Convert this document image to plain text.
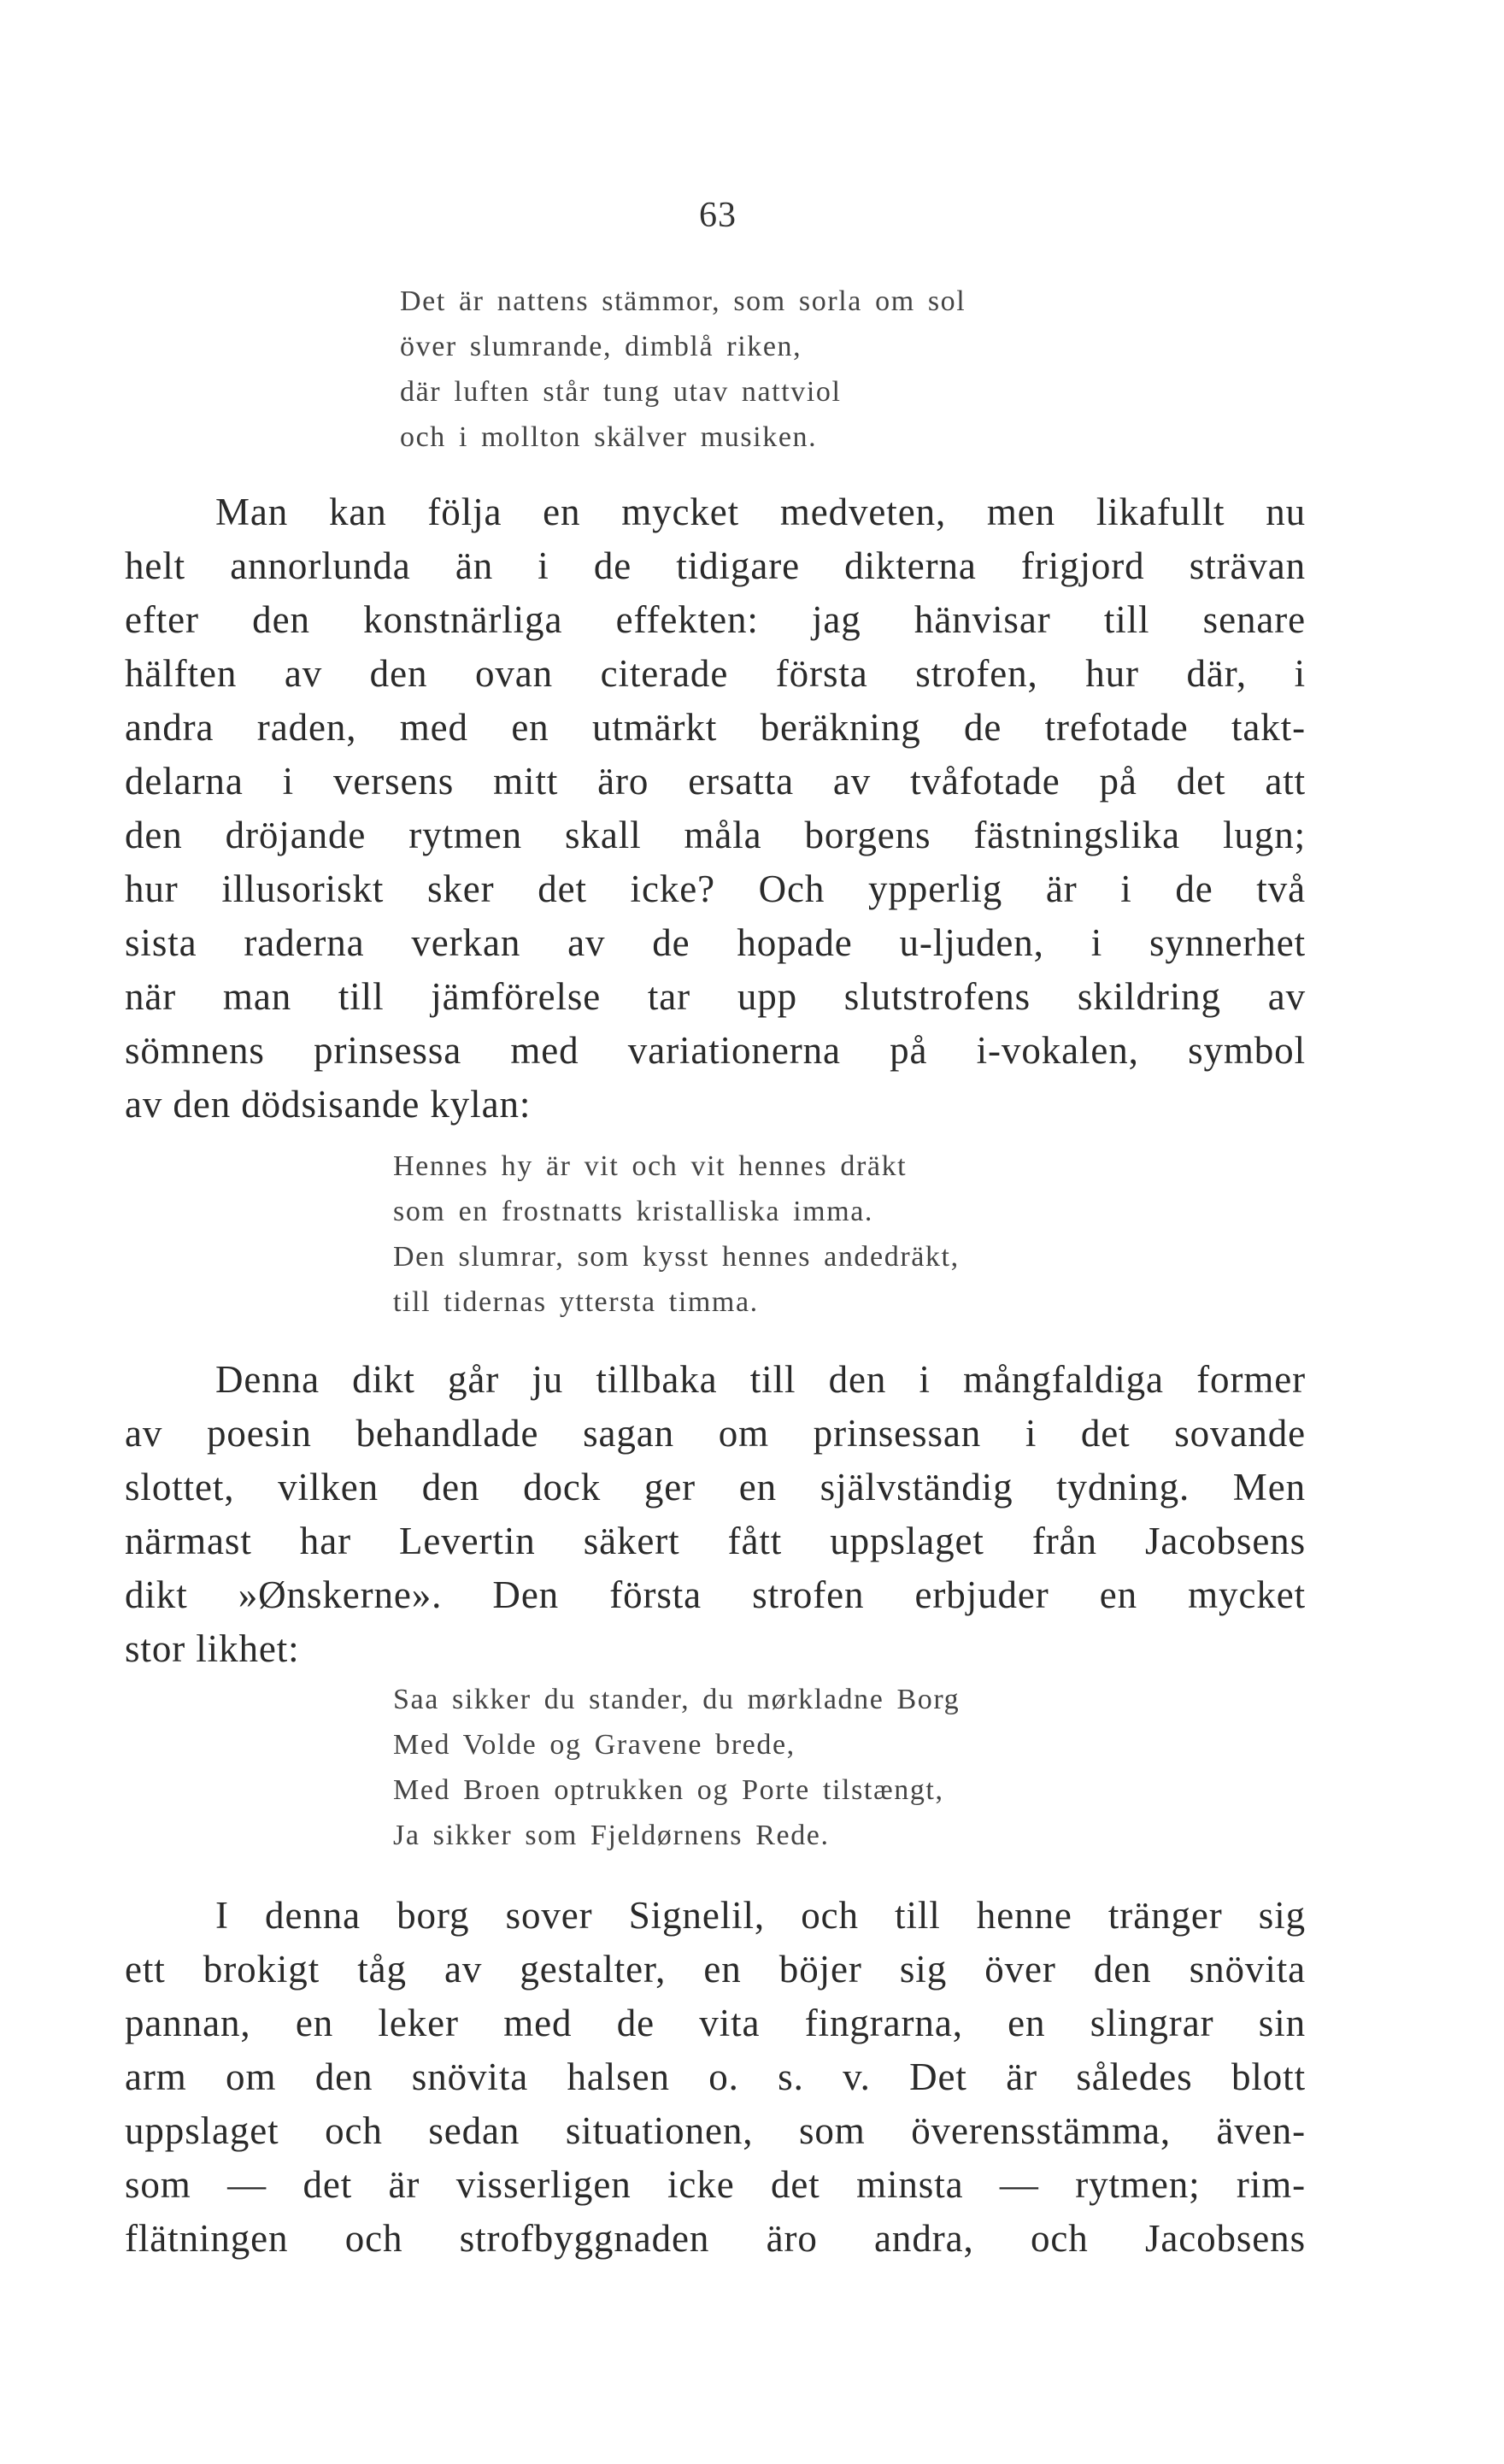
63
Det är nattens stämmor, som sorla om sol
över slumrande, dimblå riken,
där luften står tung utav nattviol
och i mollton skälver musiken.
Man kan följa en mycket medveten, men likafullt nu
helt annorlunda än i de tidigare dikterna frigjord strävan
efter den konstnärliga effekten: jag hänvisar till senare
hälften av den ovan citerade första strofen, hur där, i
andra raden, med en utmärkt beräkning de trefotade takt-
delarna i versens mitt äro ersatta av tvåfotade på det att
den dröjande rytmen skall måla borgens fästningslika lugn;
hur illusoriskt sker det icke? Och ypperlig är i de två
sista raderna verkan av de hopade u-ljuden, i synnerhet
när man till jämförelse tar upp slutstrofens skildring av
sömnens prinsessa med variationerna på i-vokalen, symbol
av den dödsisande kylan:
Hennes hy är vit och vit hennes dräkt
som en frostnatts kristalliska imma.
Den slumrar, som kysst hennes andedräkt,
till tidernas yttersta timma.
Denna dikt går ju tillbaka till den i mångfaldiga former
av poesin behandlade sagan om prinsessan i det sovande
slottet, vilken den dock ger en självständig tydning. Men
närmast har Levertin säkert fått uppslaget från Jacobsens
dikt »Ønskerne». Den första strofen erbjuder en mycket
stor likhet:
Saa sikker du stander, du mørkladne Borg
Med Volde og Gravene brede,
Med Broen optrukken og Porte tilstængt,
Ja sikker som Fjeldørnens Rede.
I denna borg sover Signelil, och till henne tränger sig
ett brokigt tåg av gestalter, en böjer sig över den snövita
pannan, en leker med de vita fingrarna, en slingrar sin
arm om den snövita halsen o. s. v. Det är således blott
uppslaget och sedan situationen, som överensstämma, även-
som — det är visserligen icke det minsta — rytmen; rim-
flätningen och strofbyggnaden äro andra, och Jacobsens
